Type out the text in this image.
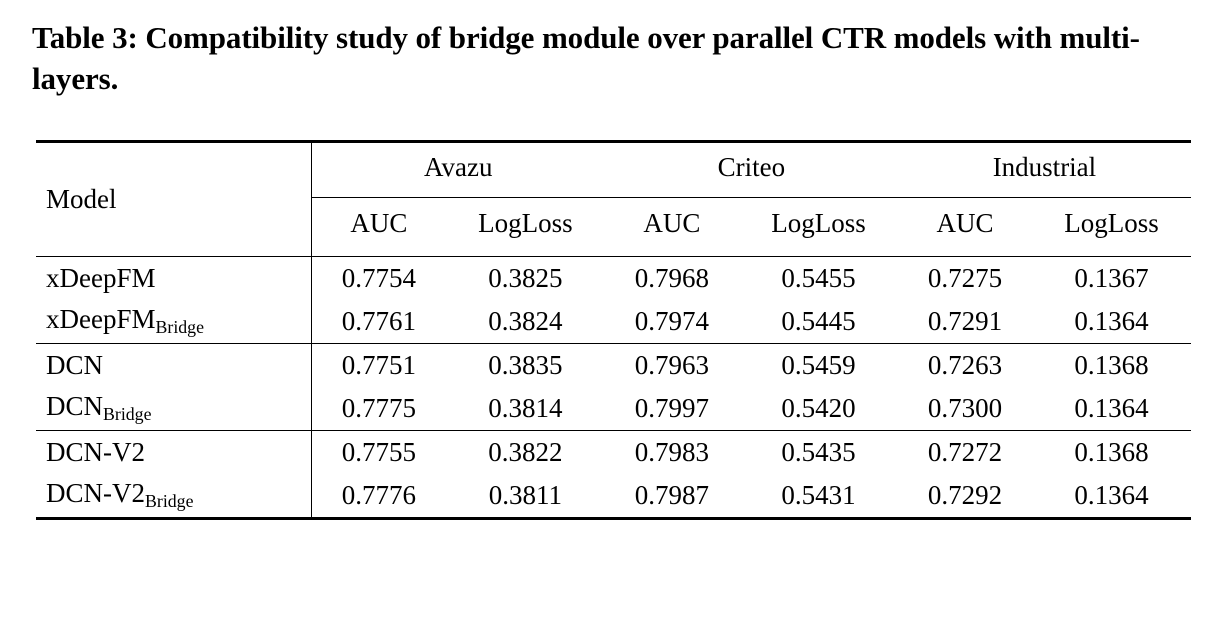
Table 3: Compatibility study of bridge module over parallel CTR models with multi-layers.

Model	Avazu		Criteo		Industrial	
	AUC	LogLoss	AUC	LogLoss	AUC	LogLoss

xDeepFM	0.7754	0.3825	0.7968	0.5455	0.7275	0.1367
xDeepFM$_{Bridge}$	0.7761	0.3824	0.7974	0.5445	0.7291	0.1364

DCN	0.7751	0.3835	0.7963	0.5459	0.7263	0.1368
$DCN_{Bridge}$	0.7775	0.3814	0.7997	0.5420	0.7300	0.1364

DCN-V2	0.7755	0.3822	0.7983	0.5435	0.7272	0.1368
DCN-$V2_{Bridge}$	0.7776	0.3811	0.7987	0.5431	0.7292	0.1364
